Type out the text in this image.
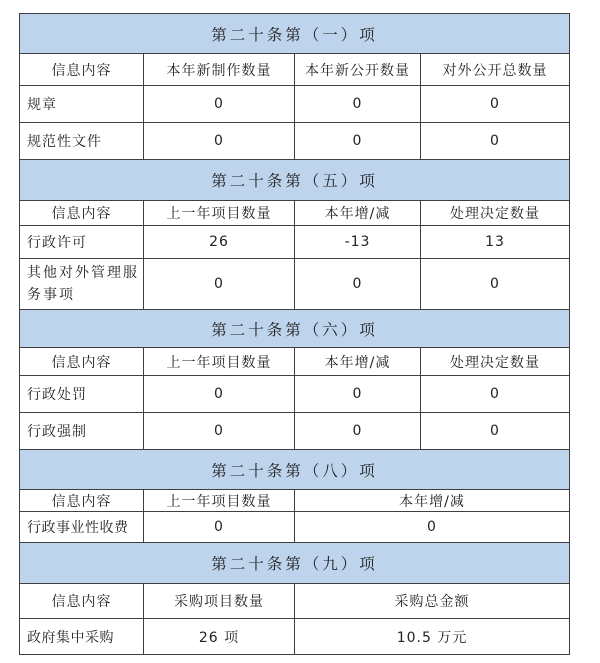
第二十条第（一）项			
信息内容	本年新制作数量	本年新公开数量	对外公开总数量
规章	0	0	0
规范性文件	0	0	0
第二十条第（五）项			
信息内容	上一年项目数量	本年增/减	处理决定数量
行政许可	26	-13	13
其他对外管理服务事项	0	0	0
第二十条第（六）项			
信息内容	上一年项目数量	本年增/减	处理决定数量
行政处罚	0	0	0
行政强制	0	0	0
第二十条第（八）项			
信息内容	上一年项目数量	本年增/减	
行政事业性收费	0	0	
第二十条第（九）项			
信息内容	采购项目数量	采购总金额	
政府集中采购	26 项	10.5 万元	
